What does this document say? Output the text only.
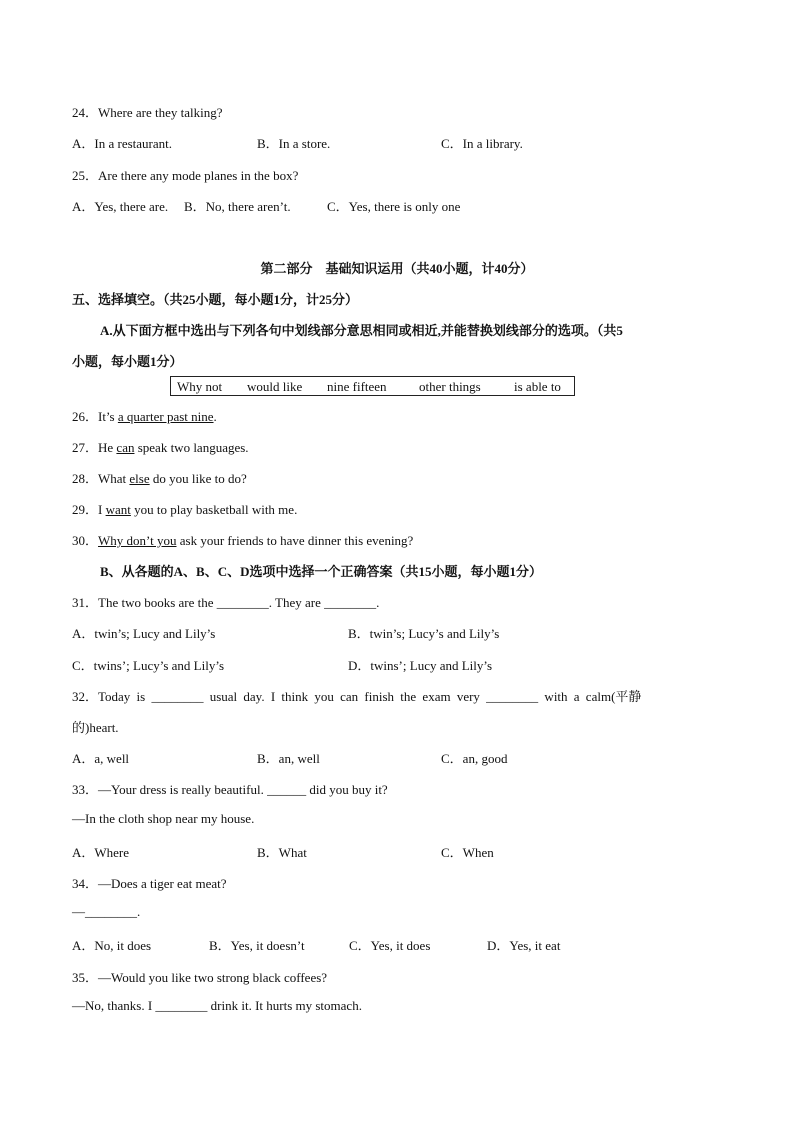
24．Where are they talking?
A．In a restaurant.	B．In a store.	C．In a library.
25．Are there any mode planes in the box?
A．Yes, there are. B．No, there aren’t.	C．Yes, there is only one
第二部分　基础知识运用（共40小题，计40分）
五、选择填空。（共25小题，每小题1分，计25分）
A.从下面方框中选出与下列各句中划线部分意思相同或相近,并能替换划线部分的选项。（共5
小题，每小题1分）
Why not would like nine fifteen other things	is able to
26．It’s a quarter past nine.
27．He can speak two languages.
28．What else do you like to do?
29．I want you to play basketball with me.
30．Why don’t you ask your friends to have dinner this evening?
B、从各题的A、B、C、D选项中选择一个正确答案（共15小题，每小题1分）
31．The two books are the ________. They are ________.
A．twin’s; Lucy and Lily’s	B．twin’s; Lucy’s and Lily’s
C．twins’; Lucy’s and Lily’s	D．twins’; Lucy and Lily’s
32．Today is ________ usual day. I think you can finish the exam very ________ with a calm(平静
的)heart.
A．a, well	B．an, well	C．an, good
33．—Your dress is really beautiful. ______ did you buy it?
—In the cloth shop near my house.
A．Where	B．What	C．When
34．—Does a tiger eat meat?
—________.
A．No, it does	B．Yes, it doesn’t	C．Yes, it does	D．Yes, it eat
35．—Would you like two strong black coffees?
—No, thanks. I ________ drink it. It hurts my stomach.
